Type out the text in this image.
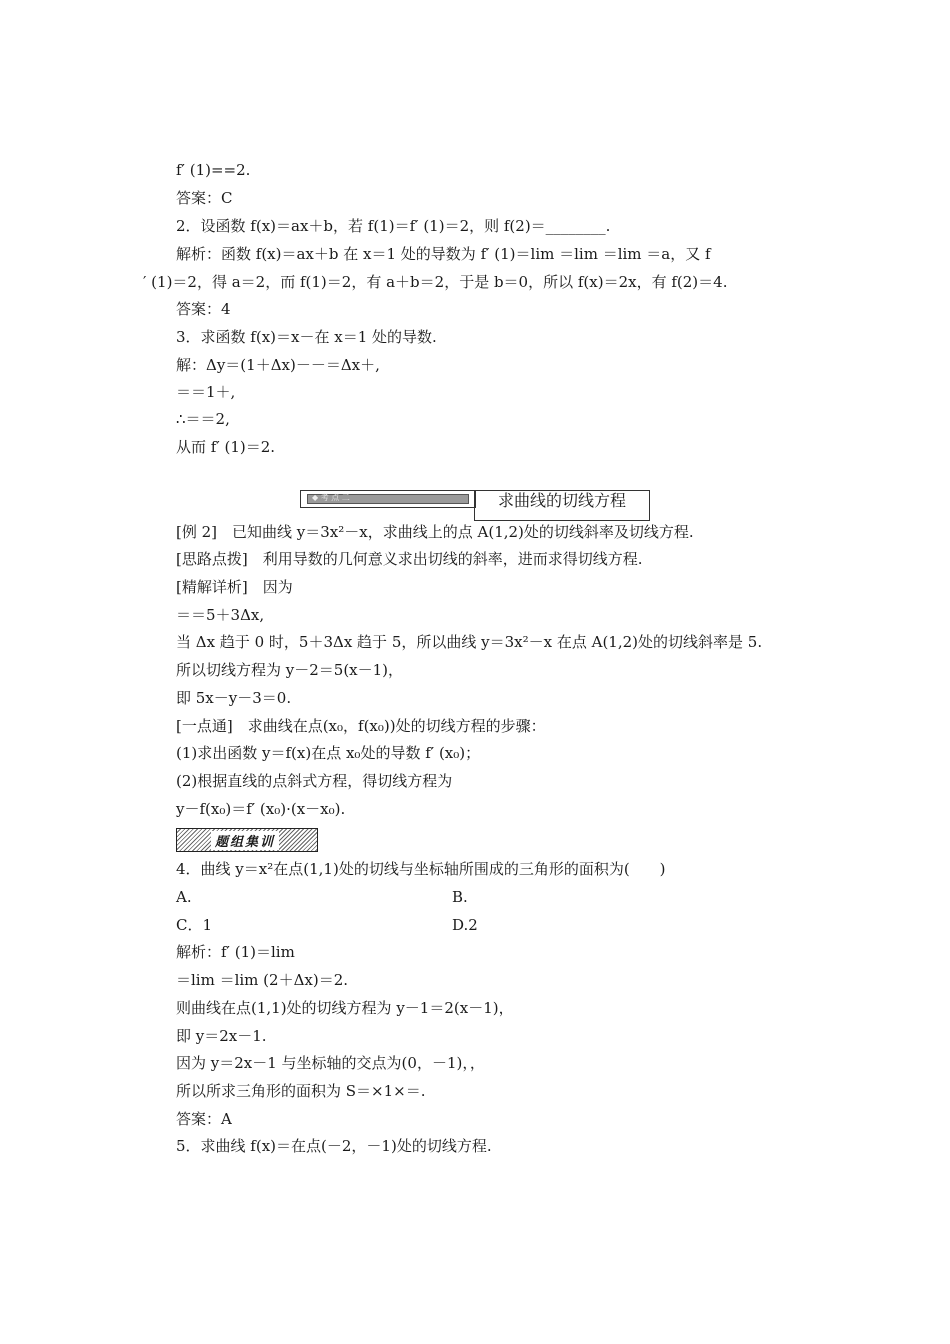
f′ (1)==2.
答案：C
2．设函数 f(x)＝ax＋b，若 f(1)＝f′ (1)＝2，则 f(2)＝________.
解析：函数 f(x)＝ax＋b 在 x＝1 处的导数为 f′ (1)＝lim ＝lim ＝lim ＝a，又 f
′ (1)＝2，得 a＝2，而 f(1)＝2，有 a＋b＝2，于是 b＝0，所以 f(x)＝2x，有 f(2)＝4.
答案：4
3．求函数 f(x)＝x－在 x＝1 处的导数.
解：Δy＝(1＋Δx)－－＝Δx＋,
＝＝1＋,
∴＝＝2,
从而 f′ (1)＝2.
◆ 考 点 二	求曲线的切线方程
[例 2]　已知曲线 y＝3x²－x，求曲线上的点 A(1,2)处的切线斜率及切线方程.
[思路点拨]　利用导数的几何意义求出切线的斜率，进而求得切线方程.
[精解详析]　因为
＝＝5＋3Δx,
当 Δx 趋于 0 时，5＋3Δx 趋于 5，所以曲线 y＝3x²－x 在点 A(1,2)处的切线斜率是 5.
所以切线方程为 y－2＝5(x－1)，
即 5x－y－3＝0.
[一点通]　求曲线在点(x₀，f(x₀))处的切线方程的步骤：
(1)求出函数 y＝f(x)在点 x₀处的导数 f′ (x₀)；
(2)根据直线的点斜式方程，得切线方程为
y－f(x₀)＝f′ (x₀)·(x－x₀).
题组集训
4．曲线 y＝x²在点(1,1)处的切线与坐标轴所围成的三角形的面积为(　　)
A.	B.
C．1	D.2
解析：f′ (1)＝lim
＝lim ＝lim (2＋Δx)＝2.
则曲线在点(1,1)处的切线方程为 y－1＝2(x－1)，
即 y＝2x－1.
因为 y＝2x－1 与坐标轴的交点为(0，－1)，，
所以所求三角形的面积为 S＝×1×＝.
答案：A
5．求曲线 f(x)＝在点(－2，－1)处的切线方程.
